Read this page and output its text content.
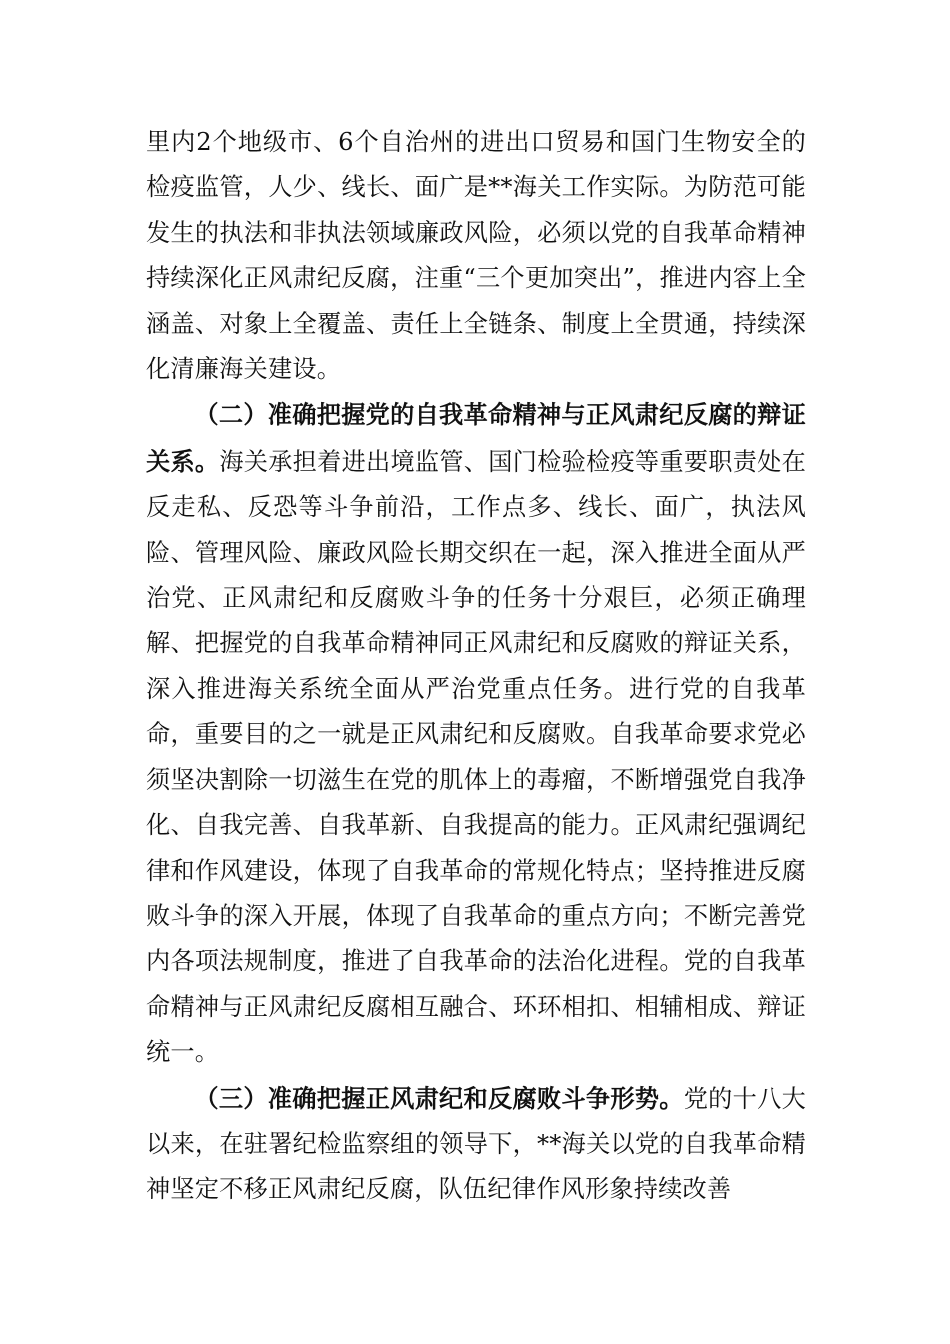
里内2个地级市、6个自治州的进出口贸易和国门生物安全的检疫监管，人少、线长、面广是**海关工作实际。为防范可能发生的执法和非执法领域廉政风险，必须以党的自我革命精神持续深化正风肃纪反腐，注重“三个更加突出”，推进内容上全涵盖、对象上全覆盖、责任上全链条、制度上全贯通，持续深化清廉海关建设。

（二）准确把握党的自我革命精神与正风肃纪反腐的辩证关系。海关承担着进出境监管、国门检验检疫等重要职责处在反走私、反恐等斗争前沿，工作点多、线长、面广，执法风险、管理风险、廉政风险长期交织在一起，深入推进全面从严治党、正风肃纪和反腐败斗争的任务十分艰巨，必须正确理解、把握党的自我革命精神同正风肃纪和反腐败的辩证关系，深入推进海关系统全面从严治党重点任务。进行党的自我革命，重要目的之一就是正风肃纪和反腐败。自我革命要求党必须坚决割除一切滋生在党的肌体上的毒瘤，不断增强党自我净化、自我完善、自我革新、自我提高的能力。正风肃纪强调纪律和作风建设，体现了自我革命的常规化特点；坚持推进反腐败斗争的深入开展，体现了自我革命的重点方向；不断完善党内各项法规制度，推进了自我革命的法治化进程。党的自我革命精神与正风肃纪反腐相互融合、环环相扣、相辅相成、辩证统一。

（三）准确把握正风肃纪和反腐败斗争形势。党的十八大以来，在驻署纪检监察组的领导下，**海关以党的自我革命精神坚定不移正风肃纪反腐，队伍纪律作风形象持续改善
